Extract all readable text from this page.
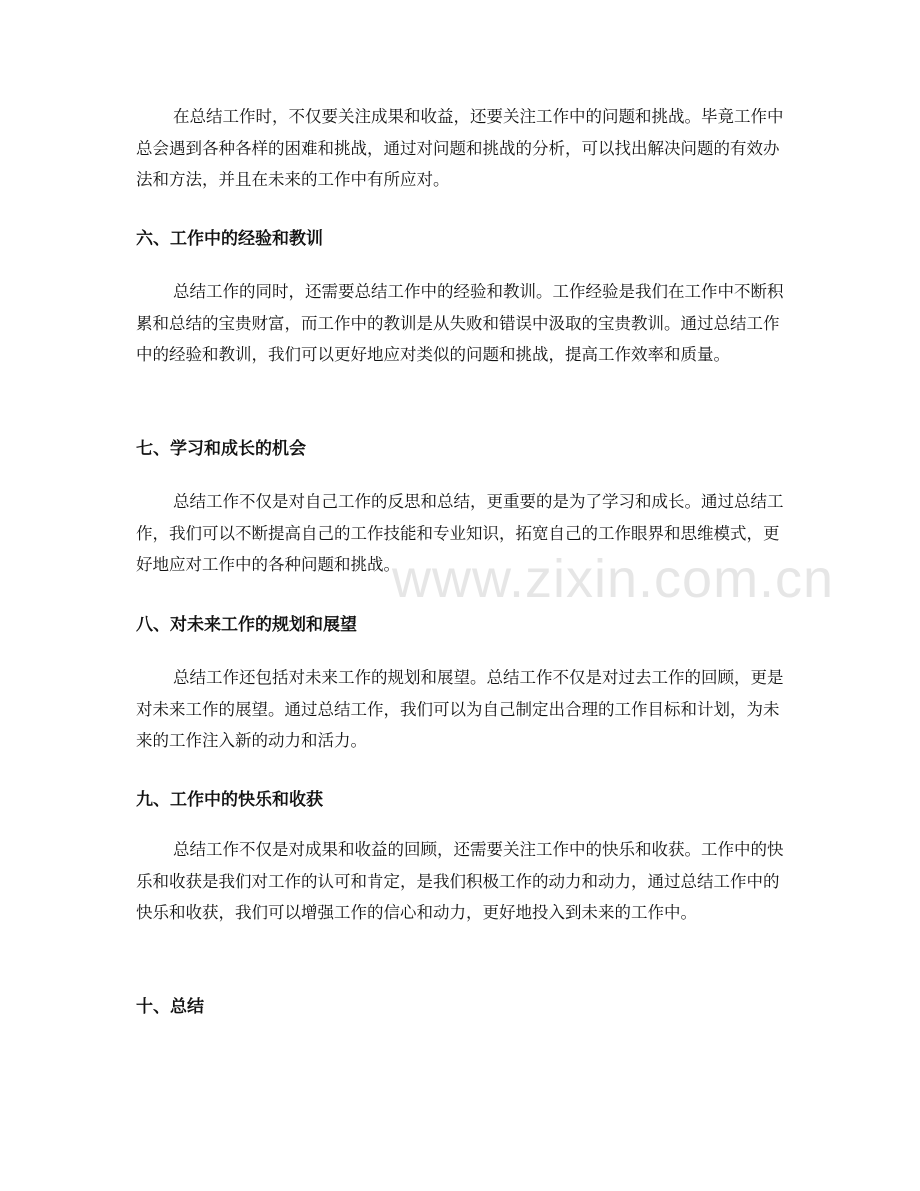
www.zixin.com.cn

在总结工作时，不仅要关注成果和收益，还要关注工作中的问题和挑战。毕竟工作中总会遇到各种各样的困难和挑战，通过对问题和挑战的分析，可以找出解决问题的有效办法和方法，并且在未来的工作中有所应对。

六、工作中的经验和教训

总结工作的同时，还需要总结工作中的经验和教训。工作经验是我们在工作中不断积累和总结的宝贵财富，而工作中的教训是从失败和错误中汲取的宝贵教训。通过总结工作中的经验和教训，我们可以更好地应对类似的问题和挑战，提高工作效率和质量。

七、学习和成长的机会

总结工作不仅是对自己工作的反思和总结，更重要的是为了学习和成长。通过总结工作，我们可以不断提高自己的工作技能和专业知识，拓宽自己的工作眼界和思维模式，更好地应对工作中的各种问题和挑战。

八、对未来工作的规划和展望

总结工作还包括对未来工作的规划和展望。总结工作不仅是对过去工作的回顾，更是对未来工作的展望。通过总结工作，我们可以为自己制定出合理的工作目标和计划，为未来的工作注入新的动力和活力。

九、工作中的快乐和收获

总结工作不仅是对成果和收益的回顾，还需要关注工作中的快乐和收获。工作中的快乐和收获是我们对工作的认可和肯定，是我们积极工作的动力和动力，通过总结工作中的快乐和收获，我们可以增强工作的信心和动力，更好地投入到未来的工作中。

十、总结
